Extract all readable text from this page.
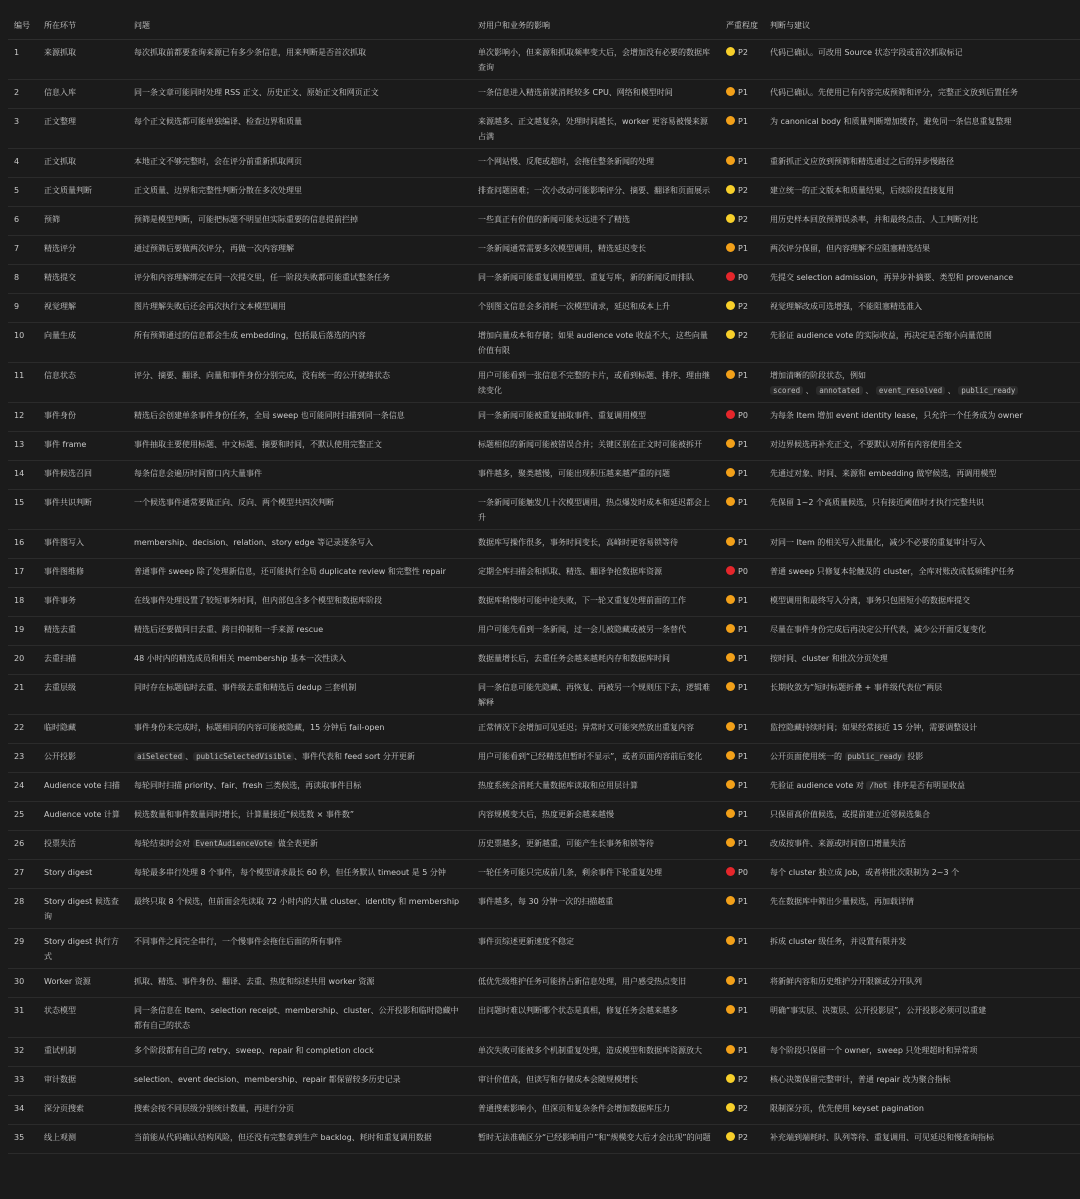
编号	所在环节	问题	对用户和业务的影响	严重程度	判断与建议
1	来源抓取	每次抓取前都要查询来源已有多少条信息，用来判断是否首次抓取	单次影响小，但来源和抓取频率变大后，会增加没有必要的数据库查询	P2	代码已确认。可改用 Source 状态字段或首次抓取标记
2	信息入库	同一条文章可能同时处理 RSS 正文、历史正文、原始正文和网页正文	一条信息进入精选前就消耗较多 CPU、网络和模型时间	P1	代码已确认。先使用已有内容完成预筛和评分，完整正文放到后置任务
3	正文整理	每个正文候选都可能单独编译、检查边界和质量	来源越多、正文越复杂，处理时间越长，worker 更容易被慢来源占满	P1	为 canonical body 和质量判断增加缓存，避免同一条信息重复整理
4	正文抓取	本地正文不够完整时，会在评分前重新抓取网页	一个网站慢、反爬或超时，会拖住整条新闻的处理	P1	重新抓正文应放到预筛和精选通过之后的异步慢路径
5	正文质量判断	正文质量、边界和完整性判断分散在多次处理里	排查问题困难；一次小改动可能影响评分、摘要、翻译和页面展示	P2	建立统一的正文版本和质量结果，后续阶段直接复用
6	预筛	预筛是模型判断，可能把标题不明显但实际重要的信息提前拦掉	一些真正有价值的新闻可能永远进不了精选	P2	用历史样本回放预筛误杀率，并和最终点击、人工判断对比
7	精选评分	通过预筛后要做两次评分，再做一次内容理解	一条新闻通常需要多次模型调用，精选延迟变长	P1	两次评分保留，但内容理解不应阻塞精选结果
8	精选提交	评分和内容理解绑定在同一次提交里，任一阶段失败都可能重试整条任务	同一条新闻可能重复调用模型、重复写库，新的新闻反而排队	P0	先提交 selection admission，再异步补摘要、类型和 provenance
9	视觉理解	图片理解失败后还会再次执行文本模型调用	个别图文信息会多消耗一次模型请求，延迟和成本上升	P2	视觉理解改成可选增强，不能阻塞精选准入
10	向量生成	所有预筛通过的信息都会生成 embedding，包括最后落选的内容	增加向量成本和存储；如果 audience vote 收益不大，这些向量价值有限	P2	先验证 audience vote 的实际收益，再决定是否缩小向量范围
11	信息状态	评分、摘要、翻译、向量和事件身份分别完成，没有统一的公开就绪状态	用户可能看到一张信息不完整的卡片，或看到标题、排序、理由继续变化	P1	增加清晰的阶段状态，例如
scored 、 annotated 、 event_resolved 、 public_ready
12	事件身份	精选后会创建单条事件身份任务，全局 sweep 也可能同时扫描到同一条信息	同一条新闻可能被重复抽取事件、重复调用模型	P0	为每条 Item 增加 event identity lease，只允许一个任务成为 owner
13	事件 frame	事件抽取主要使用标题、中文标题、摘要和时间，不默认使用完整正文	标题相似的新闻可能被错误合并；关键区别在正文时可能被拆开	P1	对边界候选再补充正文，不要默认对所有内容使用全文
14	事件候选召回	每条信息会遍历时间窗口内大量事件	事件越多，聚类越慢，可能出现积压越来越严重的问题	P1	先通过对象、时间、来源和 embedding 做窄候选，再调用模型
15	事件共识判断	一个候选事件通常要做正向、反向、两个模型共四次判断	一条新闻可能触发几十次模型调用，热点爆发时成本和延迟都会上升	P1	先保留 1~2 个高质量候选，只有接近阈值时才执行完整共识
16	事件图写入	membership、decision、relation、story edge 等记录逐条写入	数据库写操作很多，事务时间变长，高峰时更容易锁等待	P1	对同一 Item 的相关写入批量化，减少不必要的重复审计写入
17	事件图维修	普通事件 sweep 除了处理新信息，还可能执行全局 duplicate review 和完整性 repair	定期全库扫描会和抓取、精选、翻译争抢数据库资源	P0	普通 sweep 只修复本轮触及的 cluster，全库对账改成低频维护任务
18	事件事务	在线事件处理设置了较短事务时间，但内部包含多个模型和数据库阶段	数据库稍慢时可能中途失败，下一轮又重复处理前面的工作	P1	模型调用和最终写入分离，事务只包围短小的数据库提交
19	精选去重	精选后还要做同日去重、跨日抑制和一手来源 rescue	用户可能先看到一条新闻，过一会儿被隐藏或被另一条替代	P1	尽量在事件身份完成后再决定公开代表，减少公开面反复变化
20	去重扫描	48 小时内的精选成员和相关 membership 基本一次性读入	数据量增长后，去重任务会越来越耗内存和数据库时间	P1	按时间、cluster 和批次分页处理
21	去重层级	同时存在标题临时去重、事件级去重和精选后 dedup 三套机制	同一条信息可能先隐藏、再恢复、再被另一个规则压下去，逻辑难解释	P1	长期收敛为“短时标题折叠 + 事件级代表位”两层
22	临时隐藏	事件身份未完成时，标题相同的内容可能被隐藏，15 分钟后 fail-open	正常情况下会增加可见延迟；异常时又可能突然放出重复内容	P1	监控隐藏持续时间；如果经常接近 15 分钟，需要调整设计
23	公开投影	aiSelected 、 publicSelectedVisible 、事件代表和 feed sort 分开更新	用户可能看到“已经精选但暂时不显示”，或者页面内容前后变化	P1	公开页面使用统一的 public_ready 投影
24	Audience vote 扫描	每轮同时扫描 priority、fair、fresh 三类候选，再读取事件目标	热度系统会消耗大量数据库读取和应用层计算	P1	先验证 audience vote 对 /hot 排序是否有明显收益
25	Audience vote 计算	候选数量和事件数量同时增长，计算量接近“候选数 × 事件数”	内容规模变大后，热度更新会越来越慢	P1	只保留高价值候选，或提前建立近邻候选集合
26	投票失活	每轮结束时会对 EventAudienceVote 做全表更新	历史票越多，更新越重，可能产生长事务和锁等待	P1	改成按事件、来源或时间窗口增量失活
27	Story digest	每轮最多串行处理 8 个事件，每个模型请求最长 60 秒，但任务默认 timeout 是 5 分钟	一轮任务可能只完成前几条，剩余事件下轮重复处理	P0	每个 cluster 独立成 Job，或者将批次限制为 2~3 个
28	Story digest 候选查询	最终只取 8 个候选，但前面会先读取 72 小时内的大量 cluster、identity 和 membership	事件越多，每 30 分钟一次的扫描越重	P1	先在数据库中筛出少量候选，再加载详情
29	Story digest 执行方式	不同事件之间完全串行，一个慢事件会拖住后面的所有事件	事件页综述更新速度不稳定	P1	拆成 cluster 级任务，并设置有限并发
30	Worker 资源	抓取、精选、事件身份、翻译、去重、热度和综述共用 worker 资源	低优先级维护任务可能挤占新信息处理，用户感受热点变旧	P1	将新鲜内容和历史维护分开限额或分开队列
31	状态模型	同一条信息在 Item、selection receipt、membership、cluster、公开投影和临时隐藏中都有自己的状态	出问题时难以判断哪个状态是真相，修复任务会越来越多	P1	明确“事实层、决策层、公开投影层”，公开投影必须可以重建
32	重试机制	多个阶段都有自己的 retry、sweep、repair 和 completion clock	单次失败可能被多个机制重复处理，造成模型和数据库资源放大	P1	每个阶段只保留一个 owner，sweep 只处理超时和异常项
33	审计数据	selection、event decision、membership、repair 都保留较多历史记录	审计价值高，但读写和存储成本会随规模增长	P2	核心决策保留完整审计，普通 repair 改为聚合指标
34	深分页搜索	搜索会按不同层级分别统计数量，再进行分页	普通搜索影响小，但深页和复杂条件会增加数据库压力	P2	限制深分页，优先使用 keyset pagination
35	线上观测	当前能从代码确认结构风险，但还没有完整拿到生产 backlog、耗时和重复调用数据	暂时无法准确区分“已经影响用户”和“规模变大后才会出现”的问题	P2	补充端到端耗时、队列等待、重复调用、可见延迟和慢查询指标
